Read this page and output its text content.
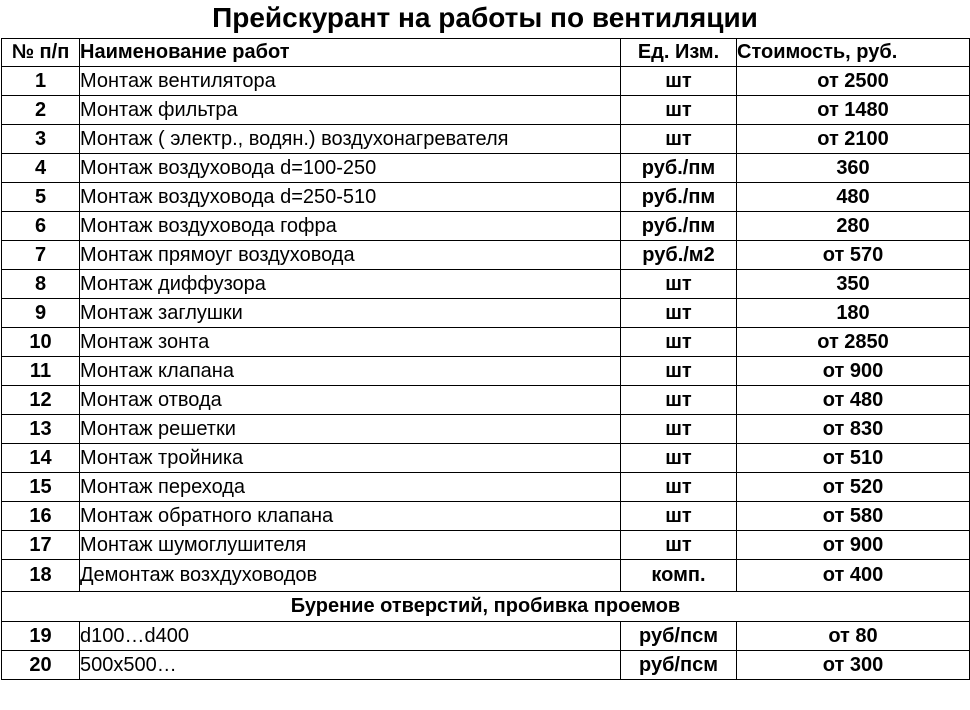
Прейскурант на работы по вентиляции
№ п/п	Наименование работ	Ед. Изм.	Стоимость, руб.
1	Монтаж вентилятора	шт	от 2500
2	Монтаж фильтра	шт	от 1480
3	Монтаж ( электр., водян.) воздухонагревателя	шт	от 2100
4	Монтаж воздуховода d=100-250	руб./пм	360
5	Монтаж воздуховода d=250-510	руб./пм	480
6	Монтаж воздуховода гофра	руб./пм	280
7	Монтаж прямоуг воздуховода	руб./м2	от 570
8	Монтаж диффузора	шт	350
9	Монтаж заглушки	шт	180
10	Монтаж зонта	шт	от 2850
11	Монтаж клапана	шт	от 900
12	Монтаж отвода	шт	от 480
13	Монтаж решетки	шт	от 830
14	Монтаж тройника	шт	от 510
15	Монтаж перехода	шт	от 520
16	Монтаж обратного клапана	шт	от 580
17	Монтаж шумоглушителя	шт	от 900
18	Демонтаж возхдуховодов	комп.	от 400
Бурение отверстий, пробивка проемов			
19	d100…d400	руб/псм	от 80
20	500x500…	руб/псм	от 300
